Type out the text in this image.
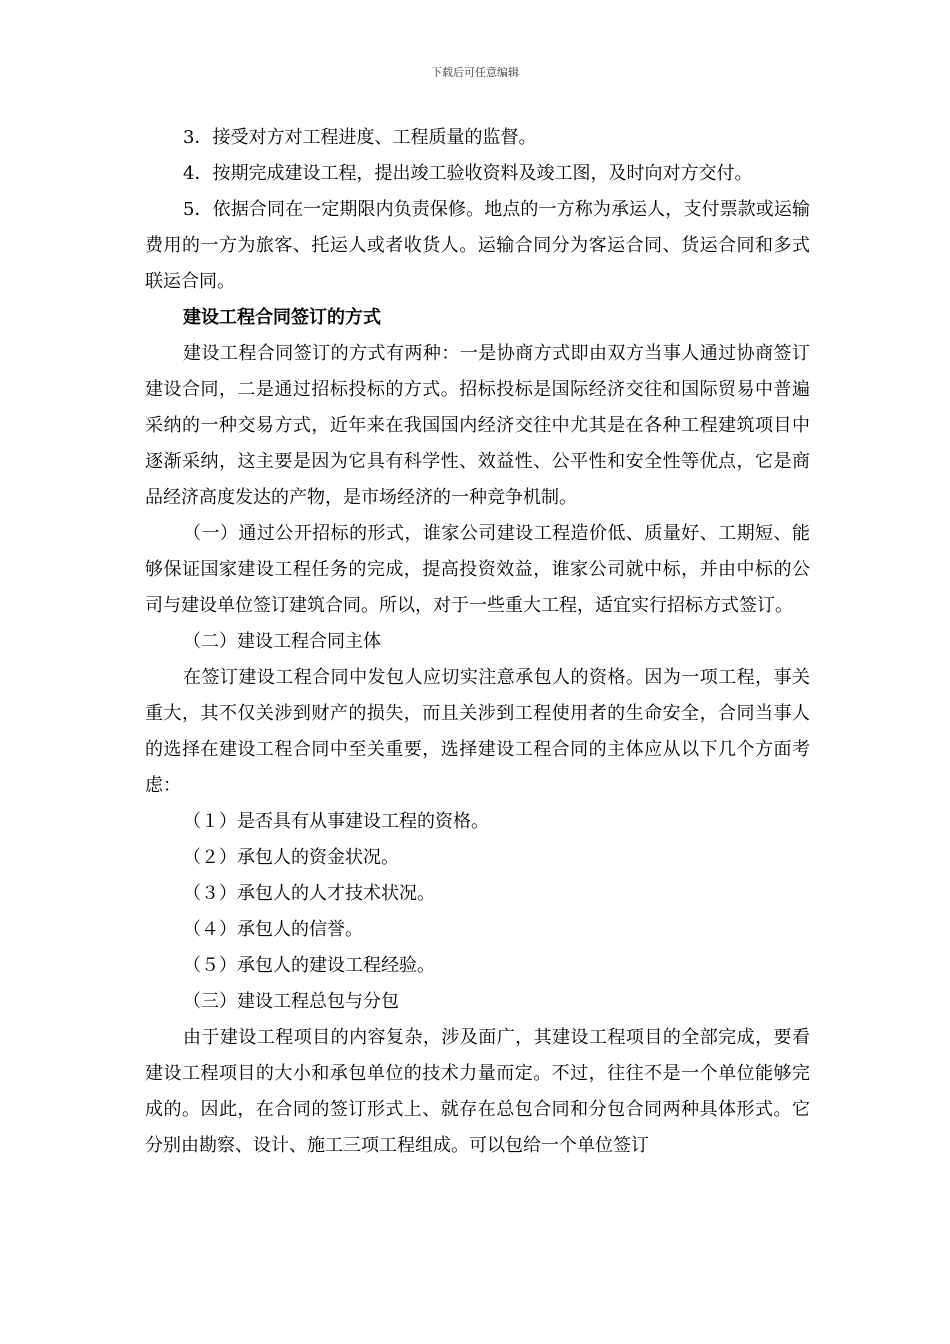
下载后可任意编辑

3．接受对方对工程进度、工程质量的监督。

4．按期完成建设工程，提出竣工验收资料及竣工图，及时向对方交付。

5．依据合同在一定期限内负责保修。地点的一方称为承运人，支付票款或运输费用的一方为旅客、托运人或者收货人。运输合同分为客运合同、货运合同和多式联运合同。

建设工程合同签订的方式

建设工程合同签订的方式有两种：一是协商方式即由双方当事人通过协商签订建设合同，二是通过招标投标的方式。招标投标是国际经济交往和国际贸易中普遍采纳的一种交易方式，近年来在我国国内经济交往中尤其是在各种工程建筑项目中逐渐采纳，这主要是因为它具有科学性、效益性、公平性和安全性等优点，它是商品经济高度发达的产物，是市场经济的一种竞争机制。

（一）通过公开招标的形式，谁家公司建设工程造价低、质量好、工期短、能够保证国家建设工程任务的完成，提高投资效益，谁家公司就中标，并由中标的公司与建设单位签订建筑合同。所以，对于一些重大工程，适宜实行招标方式签订。

（二）建设工程合同主体

在签订建设工程合同中发包人应切实注意承包人的资格。因为一项工程，事关重大，其不仅关涉到财产的损失，而且关涉到工程使用者的生命安全，合同当事人的选择在建设工程合同中至关重要，选择建设工程合同的主体应从以下几个方面考虑：

（１）是否具有从事建设工程的资格。

（２）承包人的资金状况。

（３）承包人的人才技术状况。

（４）承包人的信誉。

（５）承包人的建设工程经验。

（三）建设工程总包与分包

由于建设工程项目的内容复杂，涉及面广，其建设工程项目的全部完成，要看建设工程项目的大小和承包单位的技术力量而定。不过，往往不是一个单位能够完成的。因此，在合同的签订形式上、就存在总包合同和分包合同两种具体形式。它分别由勘察、设计、施工三项工程组成。可以包给一个单位签订
